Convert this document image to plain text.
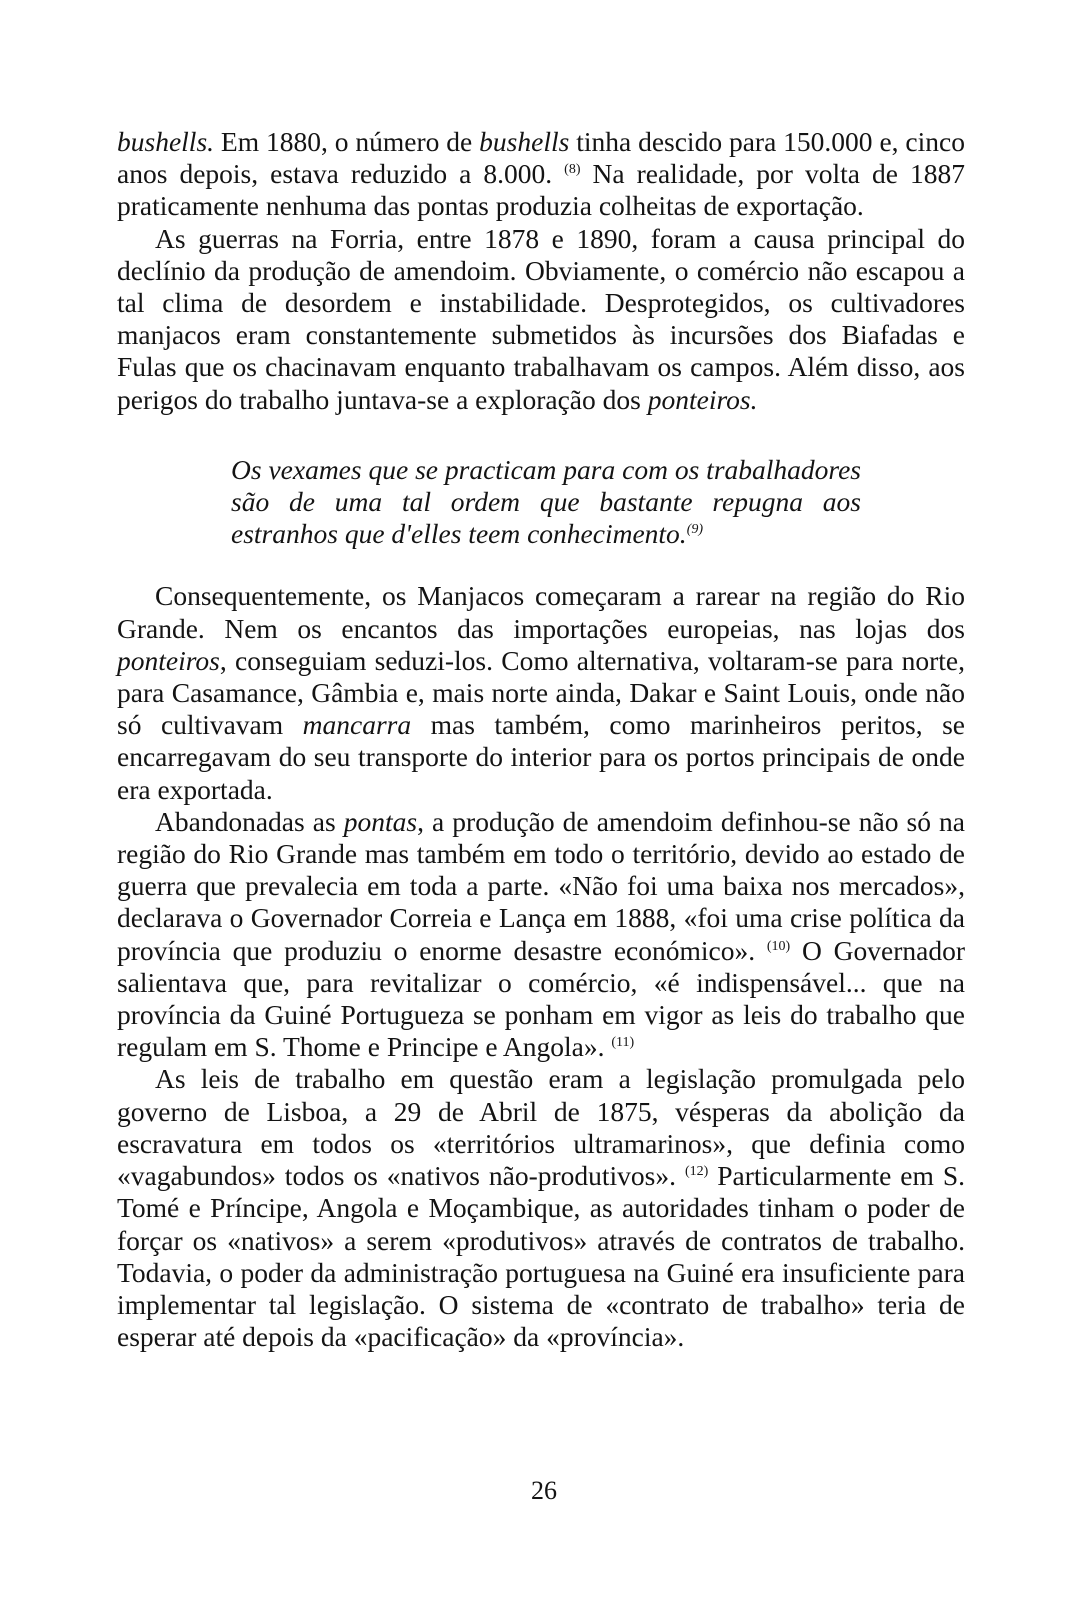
bushells. Em 1880, o número de bushells tinha descido para 150.000 e, cinco anos depois, estava reduzido a 8.000. $^{(8)}$ Na realidade, por volta de 1887 praticamente nenhuma das pontas produzia colheitas de exportação.

As guerras na Forria, entre 1878 e 1890, foram a causa principal do declínio da produção de amendoim. Obviamente, o comércio não escapou a tal clima de desordem e instabilidade. Desprotegidos, os cultivadores manjacos eram constantemente submetidos às incursões dos Biafadas e Fulas que os chacinavam enquanto trabalhavam os campos. Além disso, aos perigos do trabalho juntava-se a exploração dos ponteiros.

Os vexames que se practicam para com os trabalhadores são de uma tal ordem que bastante repugna aos estranhos que d'elles teem conhecimento.$^{(9)}$

Consequentemente, os Manjacos começaram a rarear na região do Rio Grande. Nem os encantos das importações europeias, nas lojas dos ponteiros, conseguiam seduzi-los. Como alternativa, voltaram-se para norte, para Casamance, Gâmbia e, mais norte ainda, Dakar e Saint Louis, onde não só cultivavam mancarra mas também, como marinheiros peritos, se encarregavam do seu transporte do interior para os portos principais de onde era exportada.

Abandonadas as pontas, a produção de amendoim definhou-se não só na região do Rio Grande mas também em todo o território, devido ao estado de guerra que prevalecia em toda a parte. «Não foi uma baixa nos mercados», declarava o Governador Correia e Lança em 1888, «foi uma crise política da província que produziu o enorme desastre económico». $^{(10)}$ O Governador salientava que, para revitalizar o comércio, «é indispensável... que na província da Guiné Portugueza se ponham em vigor as leis do trabalho que regulam em S. Thome e Principe e Angola». $^{(11)}$

As leis de trabalho em questão eram a legislação promulgada pelo governo de Lisboa, a 29 de Abril de 1875, vésperas da abolição da escravatura em todos os «territórios ultramarinos», que definia como «vagabundos» todos os «nativos não-produtivos». $^{(12)}$ Particularmente em S. Tomé e Príncipe, Angola e Moçambique, as autoridades tinham o poder de forçar os «nativos» a serem «produtivos» através de contratos de trabalho. Todavia, o poder da administração portuguesa na Guiné era insuficiente para implementar tal legislação. O sistema de «contrato de trabalho» teria de esperar até depois da «pacificação» da «província».

26
